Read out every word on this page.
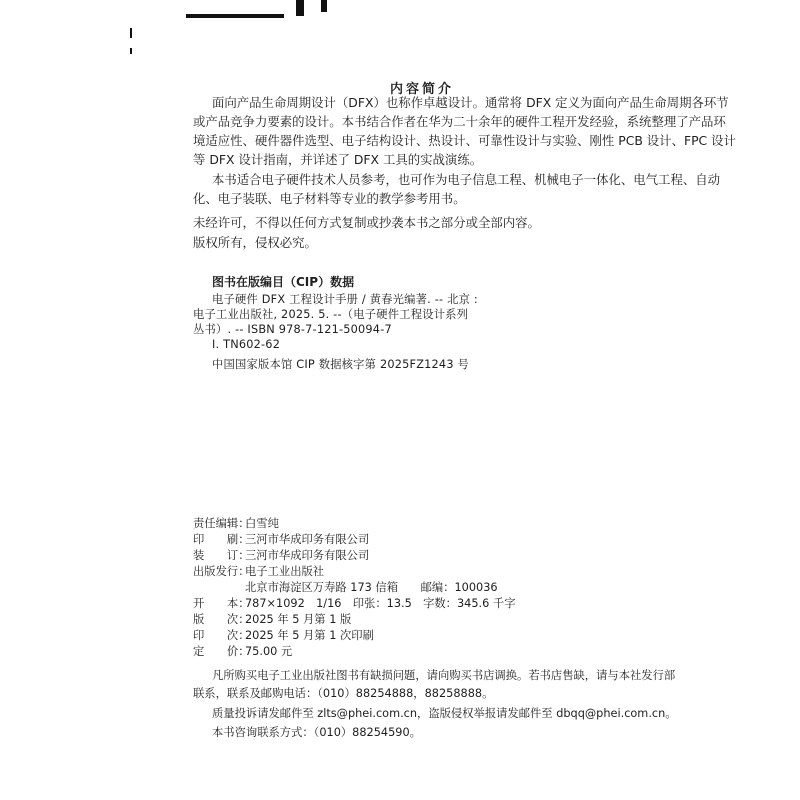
内容简介
面向产品生命周期设计（DFX）也称作卓越设计。通常将 DFX 定义为面向产品生命周期各环节
或产品竞争力要素的设计。本书结合作者在华为二十余年的硬件工程开发经验，系统整理了产品环
境适应性、硬件器件选型、电子结构设计、热设计、可靠性设计与实验、刚性 PCB 设计、FPC 设计
等 DFX 设计指南，并详述了 DFX 工具的实战演练。
本书适合电子硬件技术人员参考，也可作为电子信息工程、机械电子一体化、电气工程、自动
化、电子装联、电子材料等专业的教学参考用书。
未经许可，不得以任何方式复制或抄袭本书之部分或全部内容。
版权所有，侵权必究。
图书在版编目（CIP）数据
电子硬件 DFX 工程设计手册 / 黄春光编著. -- 北京 :
电子工业出版社, 2025. 5. --（电子硬件工程设计系列
丛书）. -- ISBN 978-7-121-50094-7
Ⅰ. TN602-62
中国国家版本馆 CIP 数据核字第 2025FZ1243 号
责任编辑：白雪纯
印　　刷：三河市华成印务有限公司
装　　订：三河市华成印务有限公司
出版发行：电子工业出版社
北京市海淀区万寿路 173 信箱　　邮编：100036
开　　本：787×1092　1/16　印张：13.5　字数：345.6 千字
版　　次：2025 年 5 月第 1 版
印　　次：2025 年 5 月第 1 次印刷
定　　价：75.00 元
凡所购买电子工业出版社图书有缺损问题，请向购买书店调换。若书店售缺，请与本社发行部
联系，联系及邮购电话：（010）88254888，88258888。
质量投诉请发邮件至 zlts@phei.com.cn，盗版侵权举报请发邮件至 dbqq@phei.com.cn。
本书咨询联系方式：（010）88254590。
